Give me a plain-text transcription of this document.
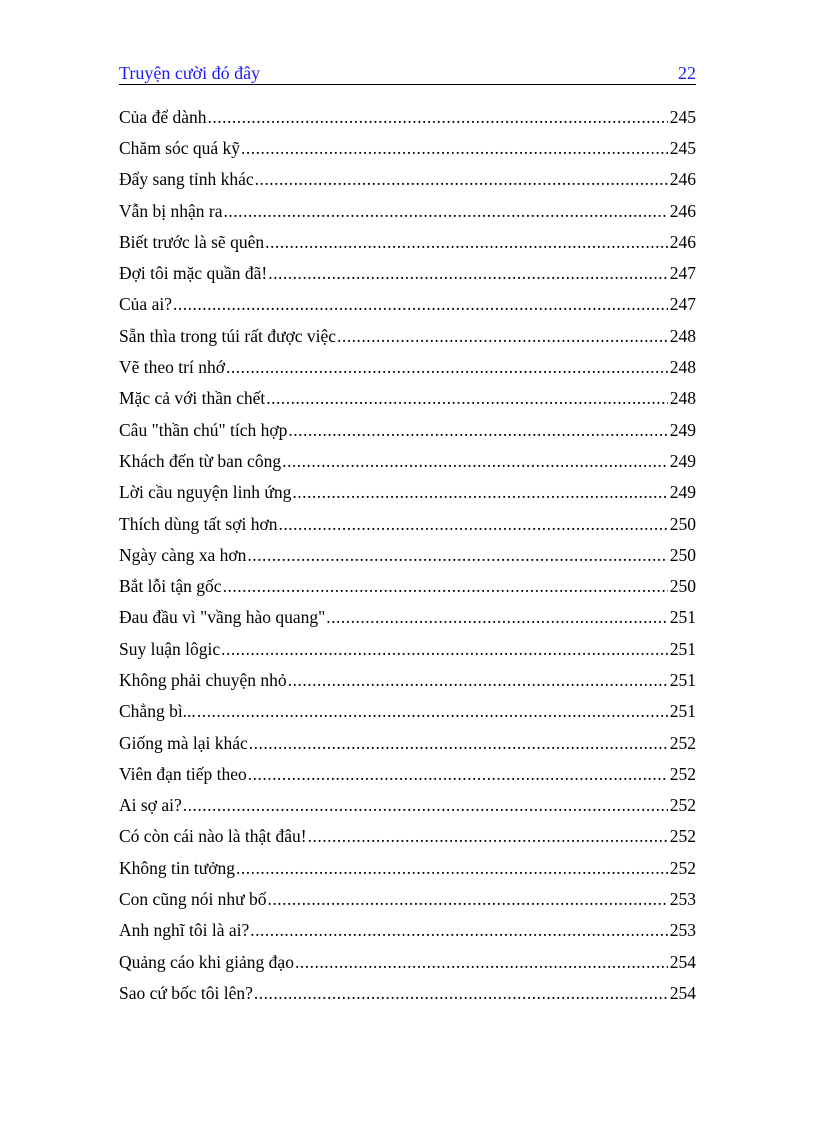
Truyện cười đó đây	22
Của để dành .....	245
Chăm sóc quá kỹ .....	245
Đẩy sang tỉnh khác .....	246
Vẫn bị nhận ra .....	246
Biết trước là sẽ quên .....	246
Đợi tôi mặc quần đã! .....	247
Của ai? .....	247
Sẵn thìa trong túi rất được việc .....	248
Vẽ theo trí nhớ .....	248
Mặc cả với thần chết .....	248
Câu "thần chú" tích hợp .....	249
Khách đến từ ban công .....	249
Lời cầu nguyện linh ứng .....	249
Thích dùng tất sợi hơn .....	250
Ngày càng xa hơn .....	250
Bắt lỗi tận gốc .....	250
Đau đầu vì "vầng hào quang" .....	251
Suy luận lôgic .....	251
Không phải chuyện nhỏ .....	251
Chẳng bì... .....	251
Giống mà lại khác .....	252
Viên đạn tiếp theo .....	252
Ai sợ ai? .....	252
Có còn cái nào là thật đâu! .....	252
Không tin tưởng .....	252
Con cũng nói như bố .....	253
Anh nghĩ tôi là ai? .....	253
Quảng cáo khi giảng đạo .....	254
Sao cứ bốc tôi lên? .....	254
